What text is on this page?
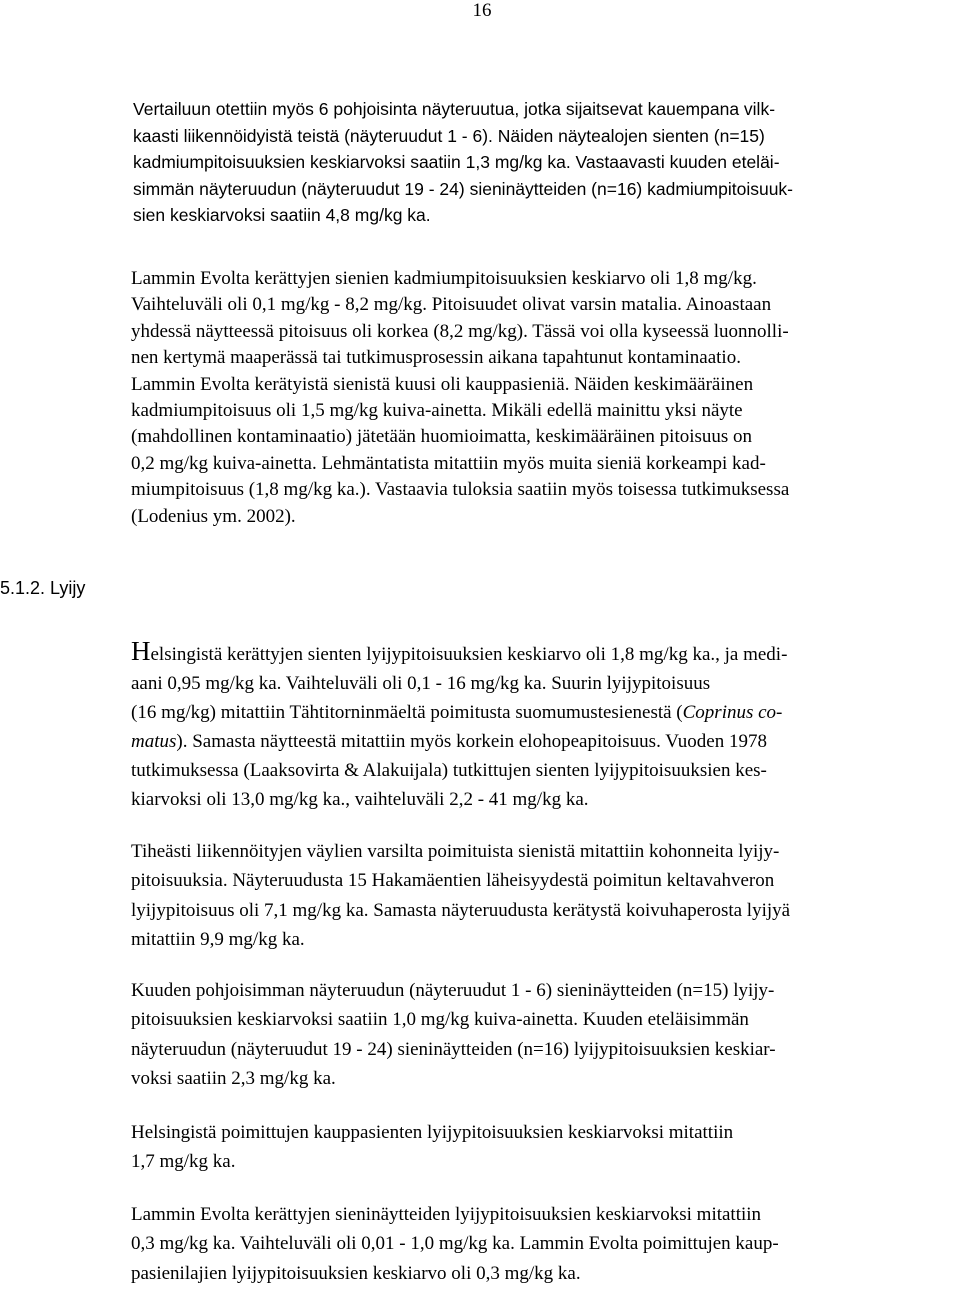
16

Vertailuun otettiin myös 6 pohjoisinta näyteruutua, jotka sijaitsevat kauempana vilk-
kaasti liikennöidyistä teistä (näyteruudut 1 - 6). Näiden näytealojen sienten (n=15)
kadmiumpitoisuuksien keskiarvoksi saatiin 1,3 mg/kg ka. Vastaavasti kuuden eteläi-
simmän näyteruudun (näyteruudut 19 - 24) sieninäytteiden (n=16) kadmiumpitoisuuk-
sien keskiarvoksi saatiin 4,8 mg/kg ka.

Lammin Evolta kerättyjen sienien kadmiumpitoisuuksien keskiarvo oli 1,8 mg/kg.
Vaihteluväli oli 0,1 mg/kg - 8,2 mg/kg. Pitoisuudet olivat varsin matalia. Ainoastaan
yhdessä näytteessä pitoisuus oli korkea (8,2 mg/kg). Tässä voi olla kyseessä luonnolli-
nen kertymä maaperässä tai tutkimusprosessin aikana tapahtunut kontaminaatio.
Lammin Evolta kerätyistä sienistä kuusi oli kauppasieniä. Näiden keskimääräinen
kadmiumpitoisuus oli 1,5 mg/kg kuiva-ainetta. Mikäli edellä mainittu yksi näyte
(mahdollinen kontaminaatio) jätetään huomioimatta, keskimääräinen pitoisuus on
0,2 mg/kg kuiva-ainetta. Lehmäntatista mitattiin myös muita sieniä korkeampi kad-
miumpitoisuus (1,8 mg/kg ka.). Vastaavia tuloksia saatiin myös toisessa tutkimuksessa
(Lodenius ym. 2002).

5.1.2. Lyijy

Helsingistä kerättyjen sienten lyijypitoisuuksien keskiarvo oli 1,8 mg/kg ka., ja medi-
aani 0,95 mg/kg ka. Vaihteluväli oli 0,1 - 16 mg/kg ka. Suurin lyijypitoisuus
(16 mg/kg) mitattiin Tähtitorninmäeltä poimitusta suomumustesienestä (Coprinus co-
matus). Samasta näytteestä mitattiin myös korkein elohopeapitoisuus. Vuoden 1978
tutkimuksessa (Laaksovirta & Alakuijala) tutkittujen sienten lyijypitoisuuksien kes-
kiarvoksi oli 13,0 mg/kg ka., vaihteluväli 2,2 - 41 mg/kg ka.

Tiheästi liikennöityjen väylien varsilta poimituista sienistä mitattiin kohonneita lyijy-
pitoisuuksia. Näyteruudusta 15 Hakamäentien läheisyydestä poimitun keltavahveron
lyijypitoisuus oli 7,1 mg/kg ka. Samasta näyteruudusta kerätystä koivuhaperosta lyijyä
mitattiin 9,9 mg/kg ka.

Kuuden pohjoisimman näyteruudun (näyteruudut 1 - 6) sieninäytteiden (n=15) lyijy-
pitoisuuksien keskiarvoksi saatiin 1,0 mg/kg kuiva-ainetta. Kuuden eteläisimmän
näyteruudun (näyteruudut 19 - 24) sieninäytteiden (n=16) lyijypitoisuuksien keskiar-
voksi saatiin 2,3 mg/kg ka.

Helsingistä poimittujen kauppasienten lyijypitoisuuksien keskiarvoksi mitattiin
1,7 mg/kg ka.

Lammin Evolta kerättyjen sieninäytteiden lyijypitoisuuksien keskiarvoksi mitattiin
0,3 mg/kg ka. Vaihteluväli oli 0,01 - 1,0 mg/kg ka. Lammin Evolta poimittujen kaup-
pasienilajien lyijypitoisuuksien keskiarvo oli 0,3 mg/kg ka.
